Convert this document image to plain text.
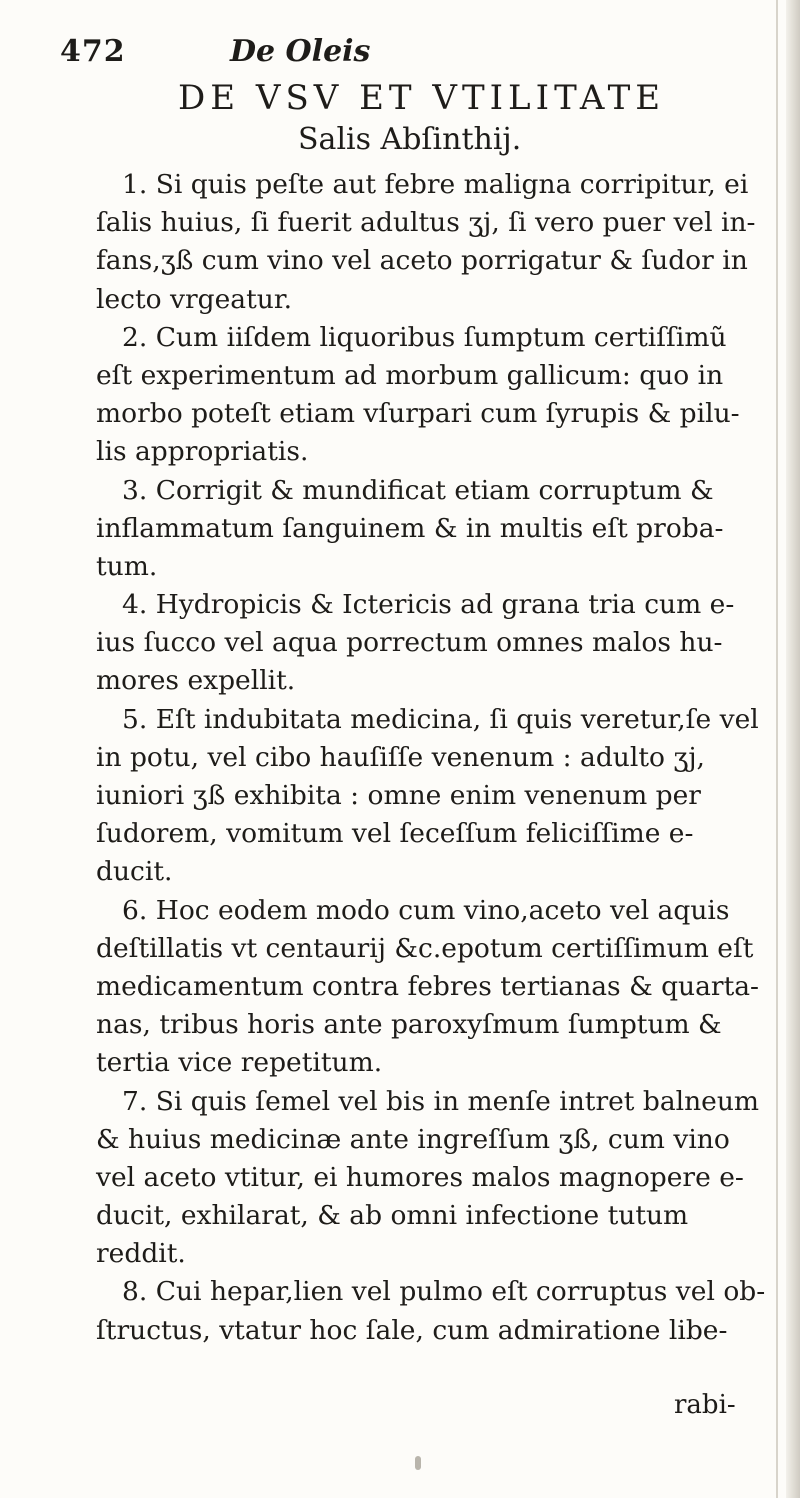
472	De Oleis
DE VSV ET VTILITATE
Salis Abſinthij.
1. Si quis peſte aut febre maligna corripitur, ei
ſalis huius, ſi fuerit adultus ʒj, ſi vero puer vel in-
fans,ʒß cum vino vel aceto porrigatur & ſudor in
lecto vrgeatur.
2. Cum iiſdem liquoribus ſumptum certiſſimũ
eſt experimentum ad morbum gallicum: quo in
morbo poteſt etiam vſurpari cum ſyrupis & pilu-
lis appropriatis.
3. Corrigit & mundificat etiam corruptum &
inflammatum ſanguinem & in multis eſt proba-
tum.
4. Hydropicis & Ictericis ad grana tria cum e-
ius ſucco vel aqua porrectum omnes malos hu-
mores expellit.
5. Eſt indubitata medicina, ſi quis veretur,ſe vel
in potu, vel cibo hauſiſſe venenum : adulto ʒj,
iuniori ʒß exhibita : omne enim venenum per
ſudorem, vomitum vel ſeceſſum feliciſſime e-
ducit.
6. Hoc eodem modo cum vino,aceto vel aquis
deſtillatis vt centaurij &c.epotum certiſſimum eſt
medicamentum contra febres tertianas & quarta-
nas, tribus horis ante paroxyſmum ſumptum &
tertia vice repetitum.
7. Si quis ſemel vel bis in menſe intret balneum
& huius medicinæ ante ingreſſum ʒß, cum vino
vel aceto vtitur, ei humores malos magnopere e-
ducit, exhilarat, & ab omni infectione tutum
reddit.
8. Cui hepar,lien vel pulmo eſt corruptus vel ob-
ſtructus, vtatur hoc ſale, cum admiratione libe-
rabi-
